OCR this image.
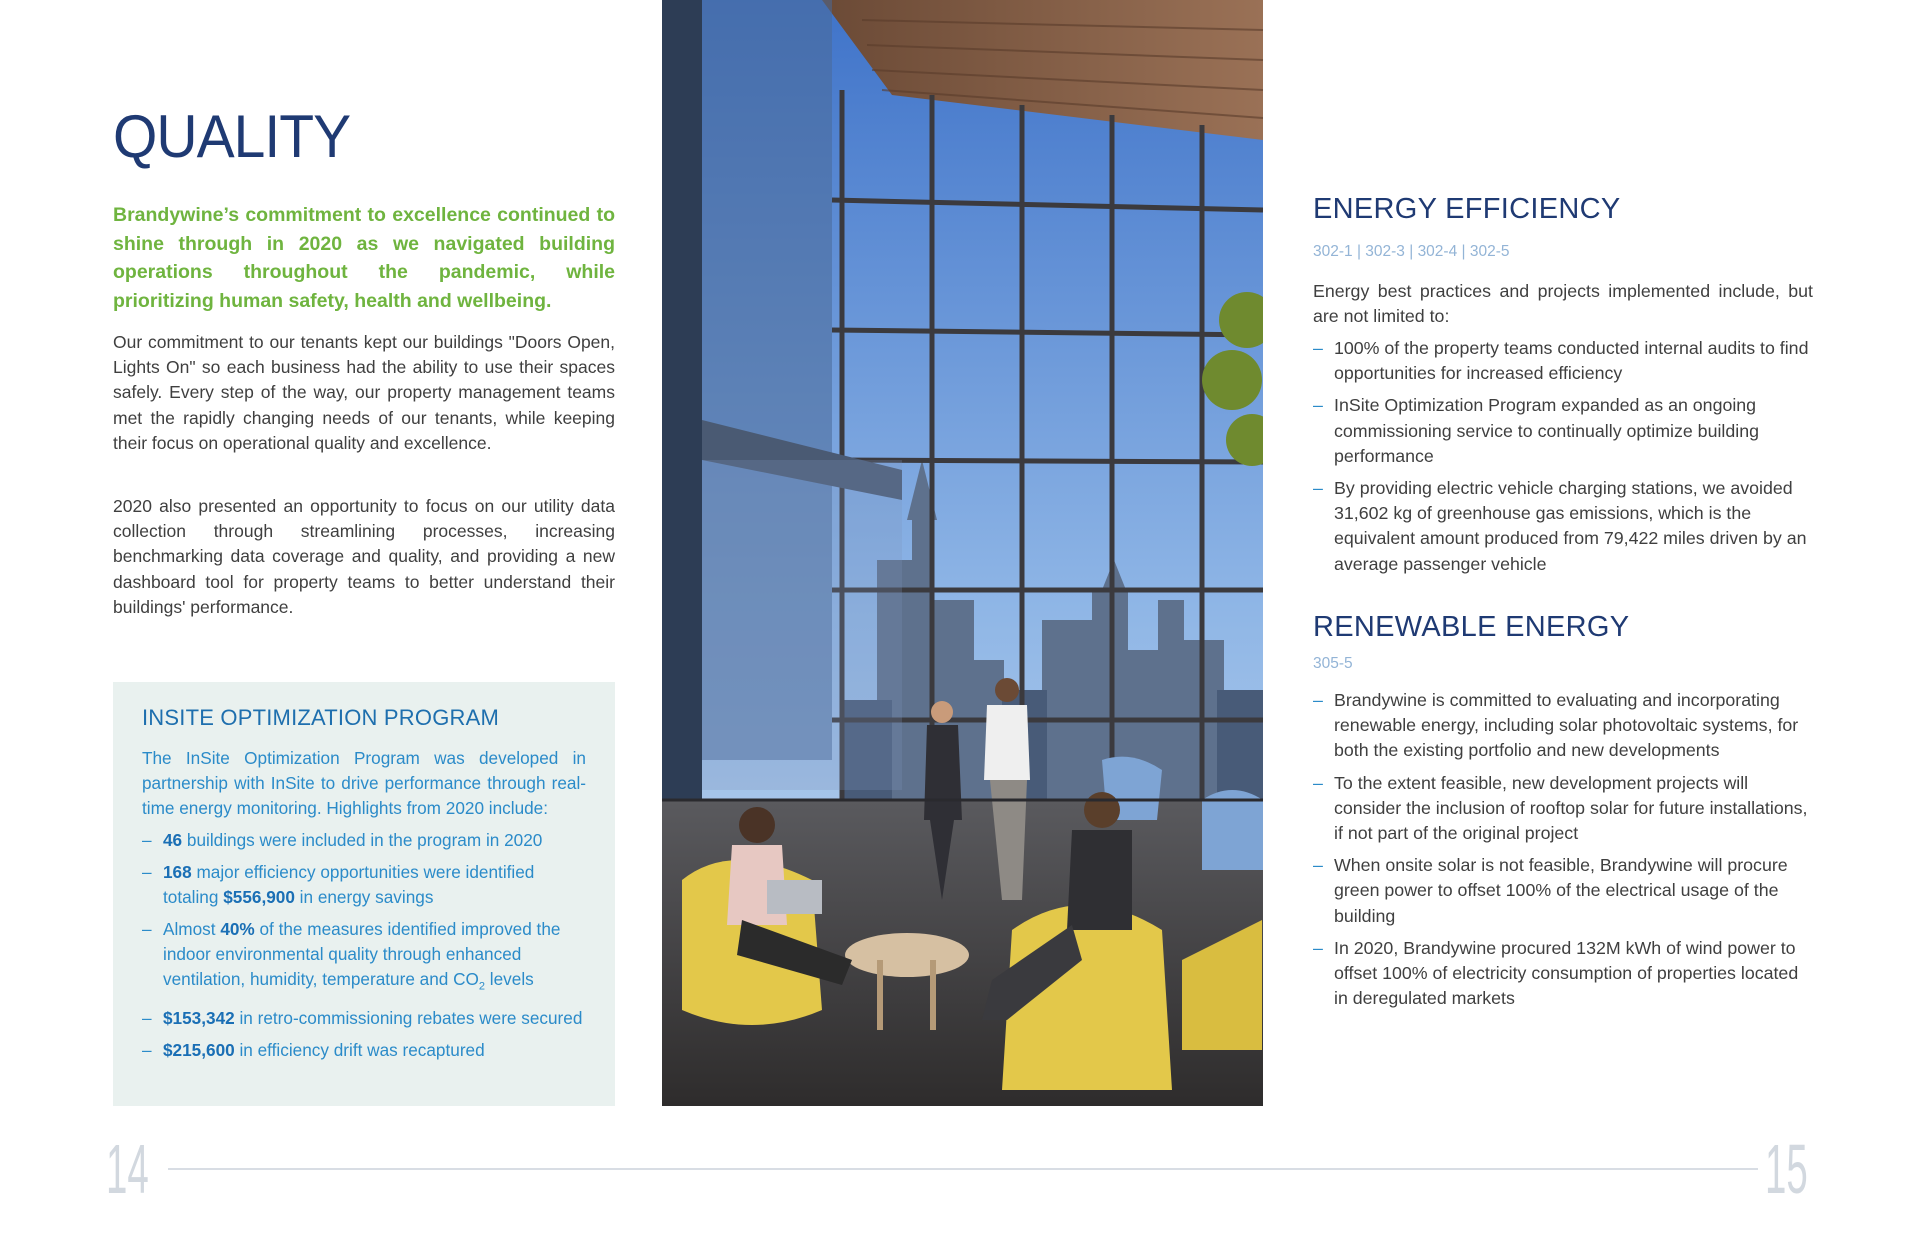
QUALITY

Brandywine’s commitment to excellence continued to shine through in 2020 as we navigated building operations throughout the pandemic, while prioritizing human safety, health and wellbeing.

Our commitment to our tenants kept our buildings "Doors Open, Lights On" so each business had the ability to use their spaces safely. Every step of the way, our property management teams met the rapidly changing needs of our tenants, while keeping their focus on operational quality and excellence.

2020 also presented an opportunity to focus on our utility data collection through streamlining processes, increasing benchmarking data coverage and quality, and providing a new dashboard tool for property teams to better understand their buildings' performance.

INSITE OPTIMIZATION PROGRAM

The InSite Optimization Program was developed in partnership with InSite to drive performance through real-time energy monitoring. Highlights from 2020 include:

– 46 buildings were included in the program in 2020
– 168 major efficiency opportunities were identified totaling $556,900 in energy savings
– Almost 40% of the measures identified improved the indoor environmental quality through enhanced ventilation, humidity, temperature and $CO_2$ levels
– $153,342 in retro-commissioning rebates were secured
– $215,600 in efficiency drift was recaptured
ENERGY EFFICIENCY

302-1 | 302-3 | 302-4 | 302-5

Energy best practices and projects implemented include, but are not limited to:

– 100% of the property teams conducted internal audits to find opportunities for increased efficiency
– InSite Optimization Program expanded as an ongoing commissioning service to continually optimize building performance
– By providing electric vehicle charging stations, we avoided 31,602 kg of greenhouse gas emissions, which is the equivalent amount produced from 79,422 miles driven by an average passenger vehicle
RENEWABLE ENERGY

305-5

– Brandywine is committed to evaluating and incorporating renewable energy, including solar photovoltaic systems, for both the existing portfolio and new developments
– To the extent feasible, new development projects will consider the inclusion of rooftop solar for future installations, if not part of the original project
– When onsite solar is not feasible, Brandywine will procure green power to offset 100% of the electrical usage of the building
– In 2020, Brandywine procured 132M kWh of wind power to offset 100% of electricity consumption of properties located in deregulated markets

14	15
